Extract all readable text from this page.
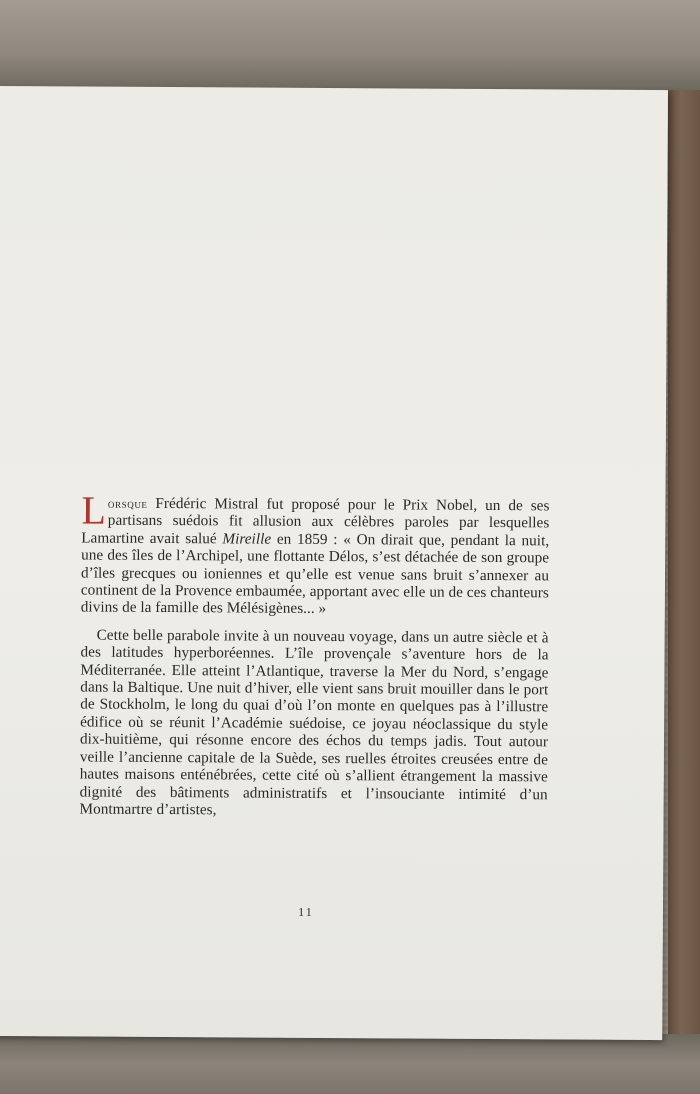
Lorsque Frédéric Mistral fut proposé pour le Prix Nobel, un de ses partisans suédois fit allusion aux célèbres paroles par lesquelles Lamartine avait salué Mireille en 1859 : « On dirait que, pendant la nuit, une des îles de l’Archipel, une flottante Délos, s’est détachée de son groupe d’îles grecques ou ioniennes et qu’elle est venue sans bruit s’annexer au continent de la Provence embaumée, apportant avec elle un de ces chanteurs divins de la famille des Mélésigènes... »

Cette belle parabole invite à un nouveau voyage, dans un autre siècle et à des latitudes hyperboréennes. L’île provençale s’aventure hors de la Méditerranée. Elle atteint l’Atlantique, traverse la Mer du Nord, s’engage dans la Baltique. Une nuit d’hiver, elle vient sans bruit mouiller dans le port de Stockholm, le long du quai d’où l’on monte en quelques pas à l’illustre édifice où se réunit l’Académie suédoise, ce joyau néoclassique du style dix-huitième, qui résonne encore des échos du temps jadis. Tout autour veille l’ancienne capitale de la Suède, ses ruelles étroites creusées entre de hautes maisons enténébrées, cette cité où s’allient étrangement la massive dignité des bâtiments administratifs et l’insouciante intimité d’un Montmartre d’artistes,

11
